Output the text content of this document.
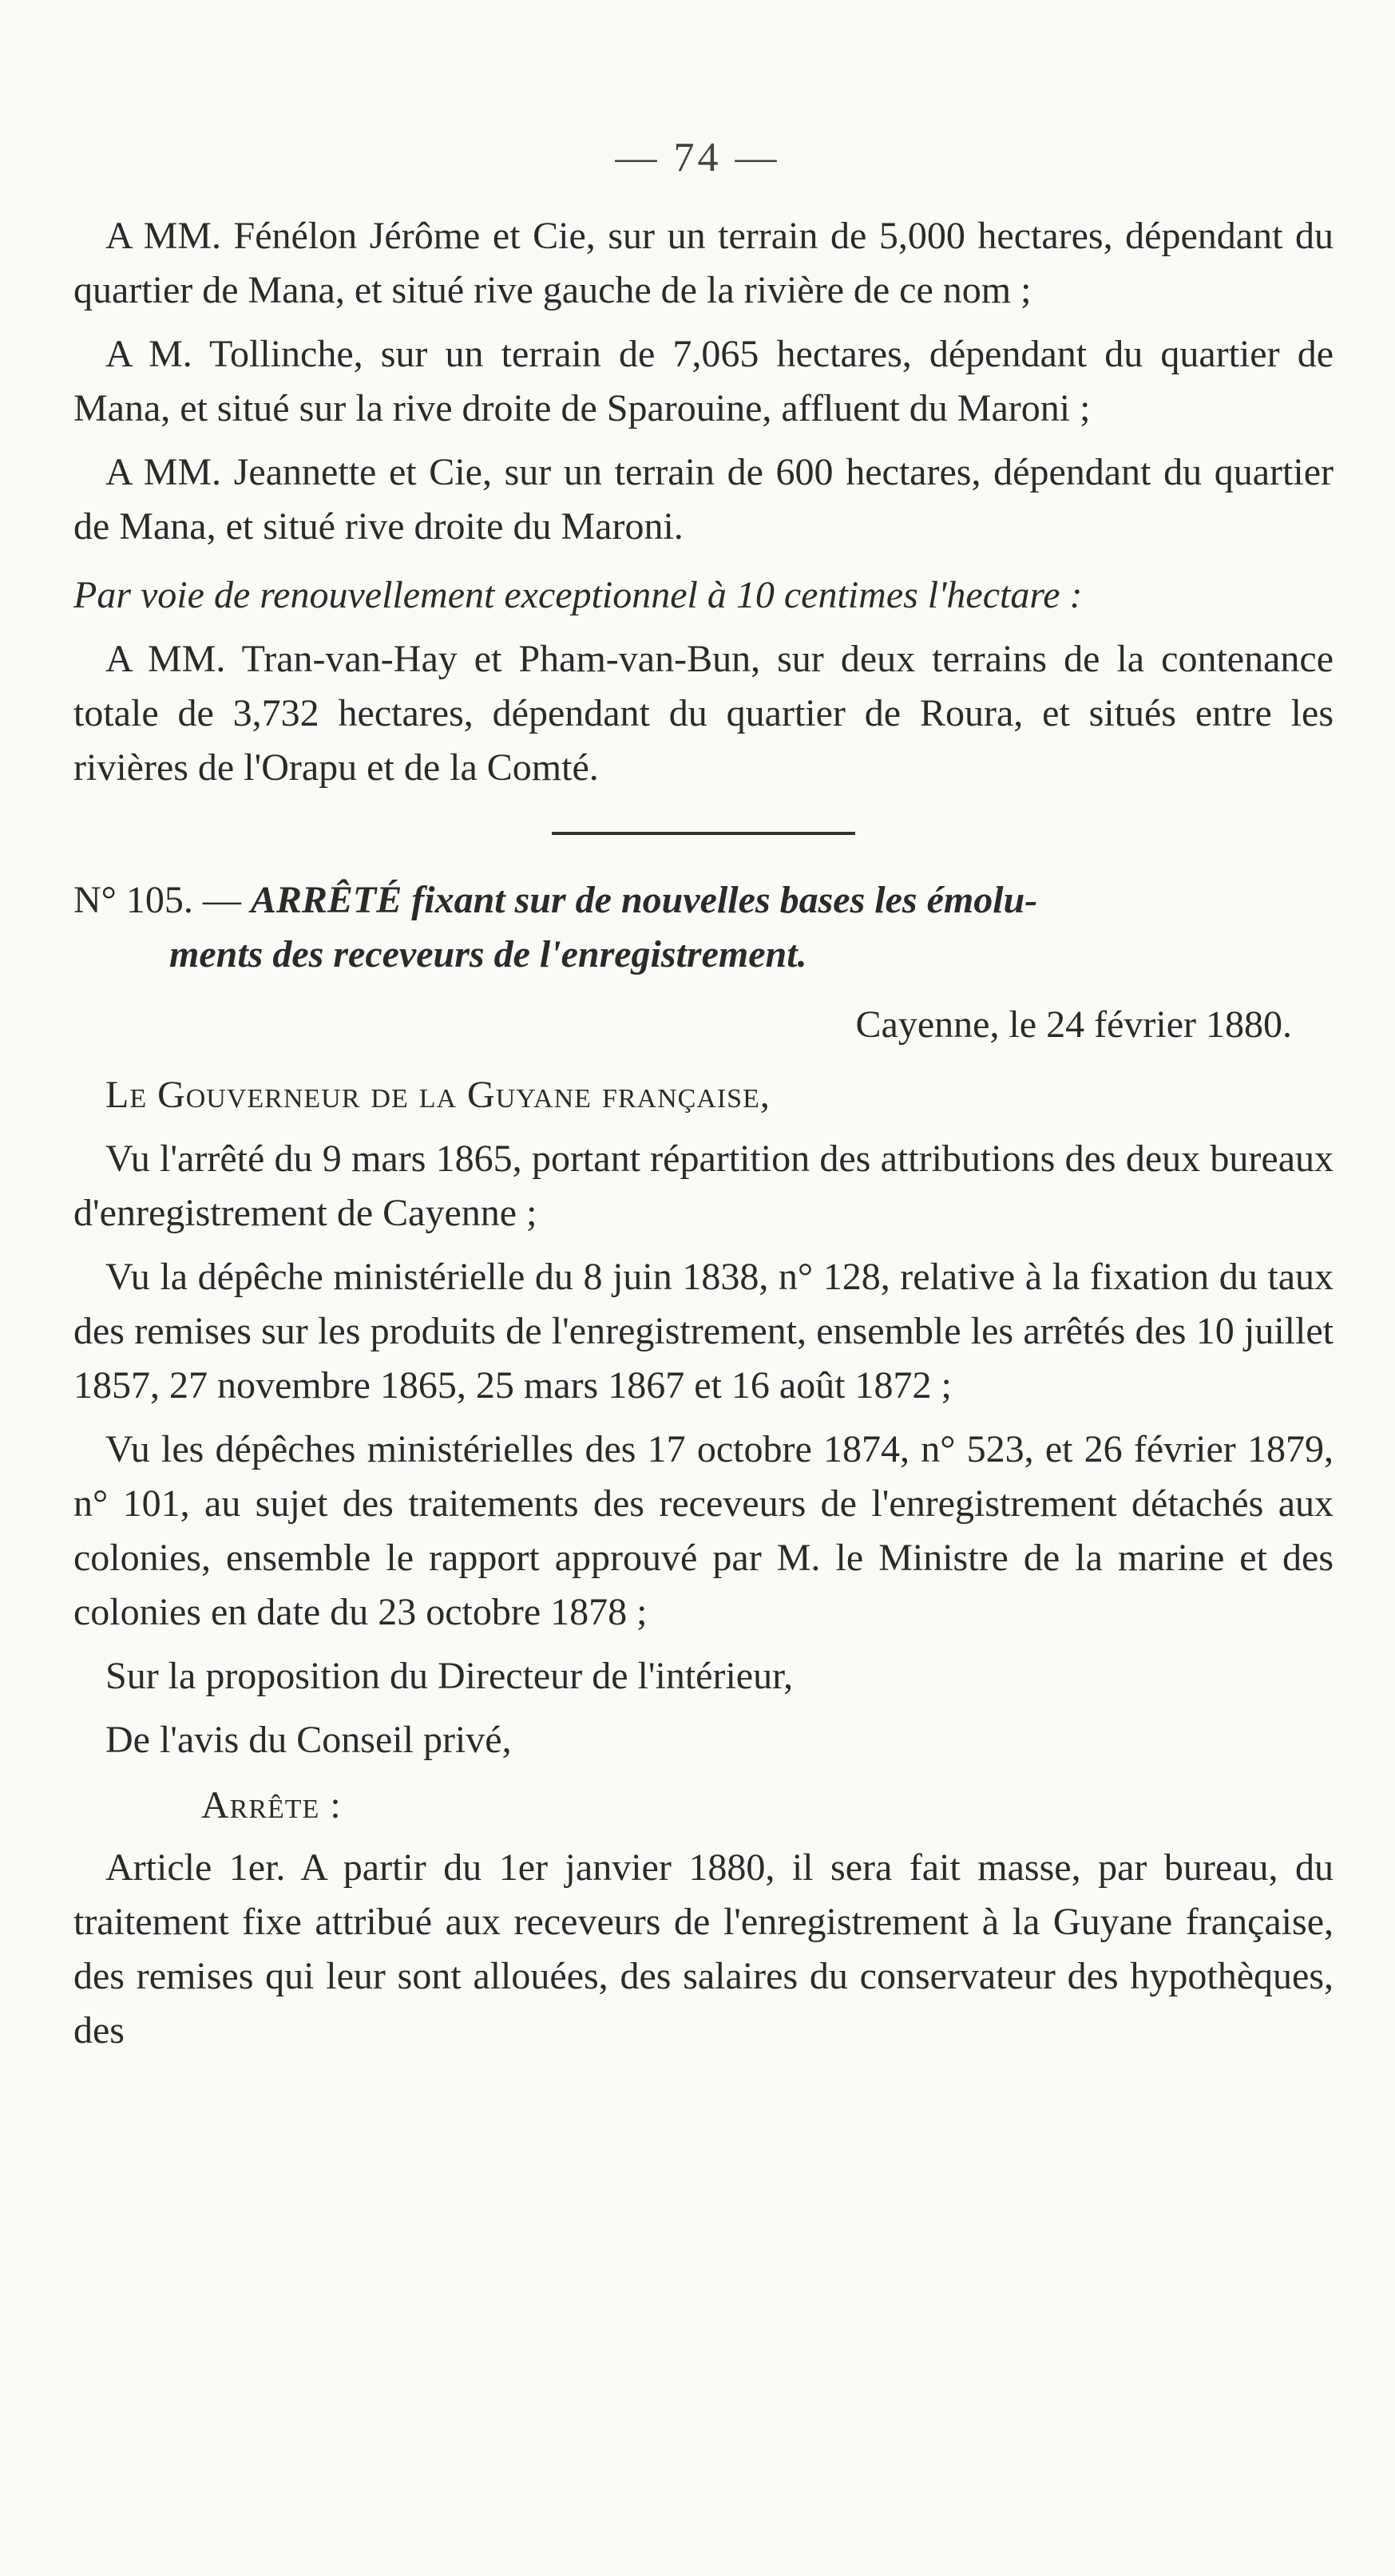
— 74 —

A MM. Fénélon Jérôme et Cie, sur un terrain de 5,000 hectares, dépendant du quartier de Mana, et situé rive gauche de la rivière de ce nom ;

A M. Tollinche, sur un terrain de 7,065 hectares, dépendant du quartier de Mana, et situé sur la rive droite de Sparouine, affluent du Maroni ;

A MM. Jeannette et Cie, sur un terrain de 600 hectares, dépendant du quartier de Mana, et situé rive droite du Maroni.

Par voie de renouvellement exceptionnel à 10 centimes l'hectare :

A MM. Tran-van-Hay et Pham-van-Bun, sur deux terrains de la contenance totale de 3,732 hectares, dépendant du quartier de Roura, et situés entre les rivières de l'Orapu et de la Comté.

N° 105. — ARRÊTÉ fixant sur de nouvelles bases les émolu-
ments des receveurs de l'enregistrement.

Cayenne, le 24 février 1880.

Le Gouverneur de la Guyane française,

Vu l'arrêté du 9 mars 1865, portant répartition des attributions des deux bureaux d'enregistrement de Cayenne ;

Vu la dépêche ministérielle du 8 juin 1838, n° 128, relative à la fixation du taux des remises sur les produits de l'enregistrement, ensemble les arrêtés des 10 juillet 1857, 27 novembre 1865, 25 mars 1867 et 16 août 1872 ;

Vu les dépêches ministérielles des 17 octobre 1874, n° 523, et 26 février 1879, n° 101, au sujet des traitements des receveurs de l'enregistrement détachés aux colonies, ensemble le rapport approuvé par M. le Ministre de la marine et des colonies en date du 23 octobre 1878 ;

Sur la proposition du Directeur de l'intérieur,

De l'avis du Conseil privé,

Arrête :

Article 1er. A partir du 1er janvier 1880, il sera fait masse, par bureau, du traitement fixe attribué aux receveurs de l'enregistrement à la Guyane française, des remises qui leur sont allouées, des salaires du conservateur des hypothèques, des
